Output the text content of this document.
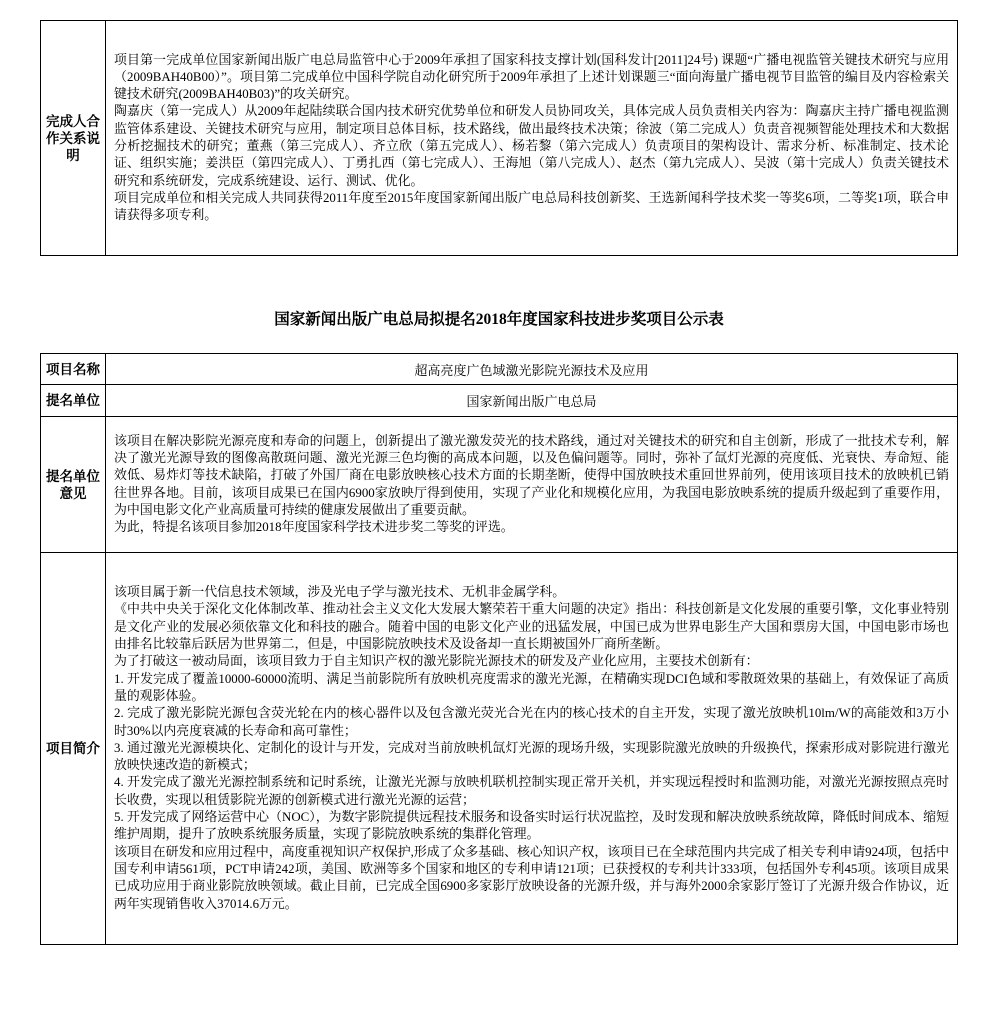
完成人合作关系说明	

项目第一完成单位国家新闻出版广电总局监管中心于2009年承担了国家科技支撑计划(国科发计[2011]24号) 课题“广播电视监管关键技术研究与应用（2009BAH40B00）”。项目第二完成单位中国科学院自动化研究所于2009年承担了上述计划课题三“面向海量广播电视节目监管的编目及内容检索关键技术研究(2009BAH40B03)”的攻关研究。

陶嘉庆（第一完成人）从2009年起陆续联合国内技术研究优势单位和研发人员协同攻关，具体完成人员负责相关内容为：陶嘉庆主持广播电视监测监管体系建设、关键技术研究与应用，制定项目总体目标，技术路线，做出最终技术决策；徐波（第二完成人）负责音视频智能处理技术和大数据分析挖掘技术的研究；董燕（第三完成人）、齐立欣（第五完成人）、杨若黎（第六完成人）负责项目的架构设计、需求分析、标准制定、技术论证、组织实施；姜洪臣（第四完成人）、丁勇扎西（第七完成人）、王海旭（第八完成人）、赵杰（第九完成人）、吴波（第十完成人）负责关键技术研究和系统研发，完成系统建设、运行、测试、优化。

项目完成单位和相关完成人共同获得2011年度至2015年度国家新闻出版广电总局科技创新奖、王选新闻科学技术奖一等奖6项，二等奖1项，联合申请获得多项专利。

国家新闻出版广电总局拟提名2018年度国家科技进步奖项目公示表
项目名称	超高亮度广色域激光影院光源技术及应用
提名单位	国家新闻出版广电总局
提名单位意见	该项目在解决影院光源亮度和寿命的问题上，创新提出了激光激发荧光的技术路线，通过对关键技术的研究和自主创新，形成了一批技术专利，解决了激光光源导致的图像高散斑问题、激光光源三色均衡的高成本问题，以及色偏问题等。同时，弥补了氙灯光源的亮度低、光衰快、寿命短、能效低、易炸灯等技术缺陷，打破了外国厂商在电影放映核心技术方面的长期垄断，使得中国放映技术重回世界前列，使用该项目技术的放映机已销往世界各地。目前，该项目成果已在国内6900家放映厅得到使用，实现了产业化和规模化应用，为我国电影放映系统的提质升级起到了重要作用，为中国电影文化产业高质量可持续的健康发展做出了重要贡献。

为此，特提名该项目参加2018年度国家科学技术进步奖二等奖的评选。

项目简介	

该项目属于新一代信息技术领域，涉及光电子学与激光技术、无机非金属学科。

《中共中央关于深化文化体制改革、推动社会主义文化大发展大繁荣若干重大问题的决定》指出：科技创新是文化发展的重要引擎，文化事业特别是文化产业的发展必须依靠文化和科技的融合。随着中国的电影文化产业的迅猛发展，中国已成为世界电影生产大国和票房大国，中国电影市场也由排名比较靠后跃居为世界第二，但是，中国影院放映技术及设备却一直长期被国外厂商所垄断。

为了打破这一被动局面，该项目致力于自主知识产权的激光影院光源技术的研发及产业化应用，主要技术创新有：

1. 开发完成了覆盖10000-60000流明、满足当前影院所有放映机亮度需求的激光光源，在精确实现DCI色域和零散斑效果的基础上，有效保证了高质量的观影体验。

2. 完成了激光影院光源包含荧光轮在内的核心器件以及包含激光荧光合光在内的核心技术的自主开发，实现了激光放映机10lm/W的高能效和3万小时30%以内亮度衰减的长寿命和高可靠性；

3. 通过激光光源模块化、定制化的设计与开发，完成对当前放映机氙灯光源的现场升级，实现影院激光放映的升级换代，探索形成对影院进行激光放映快速改造的新模式；

4. 开发完成了激光光源控制系统和记时系统，让激光光源与放映机联机控制实现正常开关机，并实现远程授时和监测功能，对激光光源按照点亮时长收费，实现以租赁影院光源的创新模式进行激光光源的运营；

5. 开发完成了网络运营中心（NOC），为数字影院提供远程技术服务和设备实时运行状况监控，及时发现和解决放映系统故障，降低时间成本、缩短维护周期，提升了放映系统服务质量，实现了影院放映系统的集群化管理。

该项目在研发和应用过程中，高度重视知识产权保护,形成了众多基础、核心知识产权，该项目已在全球范围内共完成了相关专利申请924项，包括中国专利申请561项，PCT申请242项，美国、欧洲等多个国家和地区的专利申请121项；已获授权的专利共计333项，包括国外专利45项。该项目成果已成功应用于商业影院放映领域。截止目前，已完成全国6900多家影厅放映设备的光源升级，并与海外2000余家影厅签订了光源升级合作协议，近两年实现销售收入37014.6万元。
